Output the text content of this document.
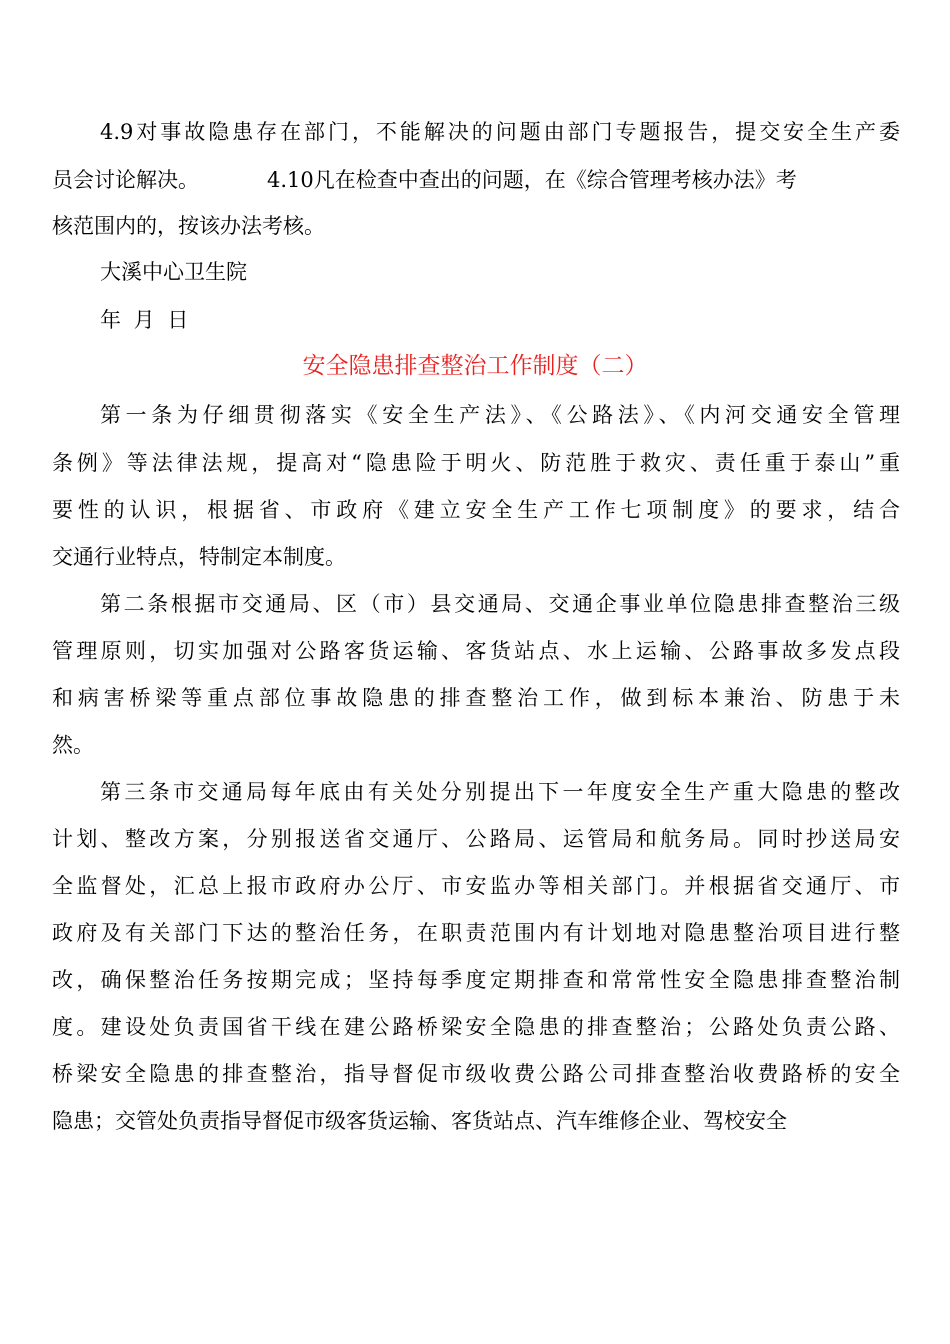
4.9对事故隐患存在部门，不能解决的问题由部门专题报告，提交安全生产委
员会讨论解决。	4.10凡在检查中查出的问题，在《综合管理考核办法》考
核范围内的，按该办法考核。
大溪中心卫生院
年 月 日
安全隐患排查整治工作制度（二）
第一条为仔细贯彻落实《安全生产法》、《公路法》、《内河交通安全管理
条例》等法律法规，提高对“隐患险于明火、防范胜于救灾、责任重于泰山”重
要性的认识，根据省、市政府《建立安全生产工作七项制度》的要求，结合
交通行业特点，特制定本制度。
第二条根据市交通局、区（市）县交通局、交通企事业单位隐患排查整治三级
管理原则，切实加强对公路客货运输、客货站点、水上运输、公路事故多发点段
和病害桥梁等重点部位事故隐患的排查整治工作，做到标本兼治、防患于未
然。
第三条市交通局每年底由有关处分别提出下一年度安全生产重大隐患的整改
计划、整改方案，分别报送省交通厅、公路局、运管局和航务局。同时抄送局安
全监督处，汇总上报市政府办公厅、市安监办等相关部门。并根据省交通厅、市
政府及有关部门下达的整治任务，在职责范围内有计划地对隐患整治项目进行整
改，确保整治任务按期完成；坚持每季度定期排查和常常性安全隐患排查整治制
度。建设处负责国省干线在建公路桥梁安全隐患的排查整治；公路处负责公路、
桥梁安全隐患的排查整治，指导督促市级收费公路公司排查整治收费路桥的安全
隐患；交管处负责指导督促市级客货运输、客货站点、汽车维修企业、驾校安全
